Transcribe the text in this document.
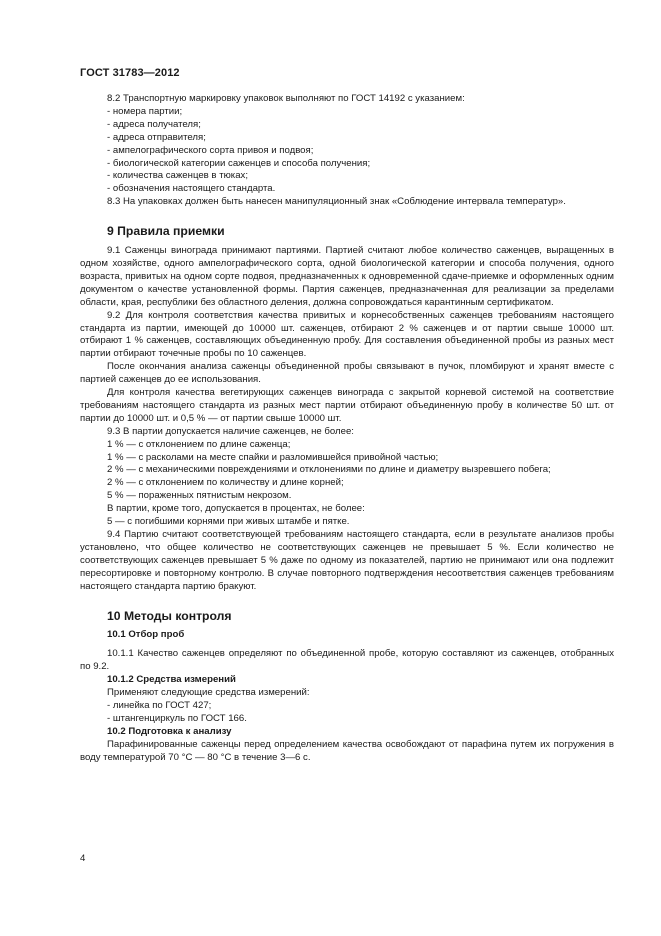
ГОСТ 31783—2012

8.2 Транспортную маркировку упаковок выполняют по ГОСТ 14192 с указанием:

- номера партии;
- адреса получателя;
- адреса отправителя;
- ампелографического сорта привоя и подвоя;
- биологической категории саженцев и способа получения;
- количества саженцев в тюках;
- обозначения настоящего стандарта.

8.3 На упаковках должен быть нанесен манипуляционный знак «Соблюдение интервала температур».

9 Правила приемки

9.1 Саженцы винограда принимают партиями. Партией считают любое количество саженцев, выращенных в одном хозяйстве, одного ампелографического сорта, одной биологической категории и способа получения, одного возраста, привитых на одном сорте подвоя, предназначенных к одновременной сдаче-приемке и оформленных одним документом о качестве установленной формы. Партия саженцев, предназначенная для реализации за пределами области, края, республики без областного деления, должна сопровождаться карантинным сертификатом.

9.2 Для контроля соответствия качества привитых и корнесобственных саженцев требованиям настоящего стандарта из партии, имеющей до 10000 шт. саженцев, отбирают 2 % саженцев и от партии свыше 10000 шт. отбирают 1 % саженцев, составляющих объединенную пробу. Для составления объединенной пробы из разных мест партии отбирают точечные пробы по 10 саженцев.

После окончания анализа саженцы объединенной пробы связывают в пучок, пломбируют и хранят вместе с партией саженцев до ее использования.

Для контроля качества вегетирующих саженцев винограда с закрытой корневой системой на соответствие требованиям настоящего стандарта из разных мест партии отбирают объединенную пробу в количестве 50 шт. от партии до 10000 шт. и 0,5 % — от партии свыше 10000 шт.

9.3 В партии допускается наличие саженцев, не более:

1 % — с отклонением по длине саженца;
1 % — с расколами на месте спайки и разломившейся привойной частью;
2 % — с механическими повреждениями и отклонениями по длине и диаметру вызревшего побега;
2 % — с отклонением по количеству и длине корней;
5 % — пораженных пятнистым некрозом.

В партии, кроме того, допускается в процентах, не более:

5 — с погибшими корнями при живых штамбе и пятке.

9.4 Партию считают соответствующей требованиям настоящего стандарта, если в результате анализов пробы установлено, что общее количество не соответствующих саженцев не превышает 5 %. Если количество не соответствующих саженцев превышает 5 % даже по одному из показателей, партию не принимают или она подлежит пересортировке и повторному контролю. В случае повторного подтверждения несоответствия саженцев требованиям настоящего стандарта партию бракуют.

10 Методы контроля
10.1 Отбор проб

10.1.1 Качество саженцев определяют по объединенной пробе, которую составляют из саженцев, отобранных по 9.2.

10.1.2 Средства измерений

Применяют следующие средства измерений:

- линейка по ГОСТ 427;
- штангенциркуль по ГОСТ 166.
10.2 Подготовка к анализу

Парафинированные саженцы перед определением качества освобождают от парафина путем их погружения в воду температурой 70 °С — 80 °С в течение 3—6 с.

4
